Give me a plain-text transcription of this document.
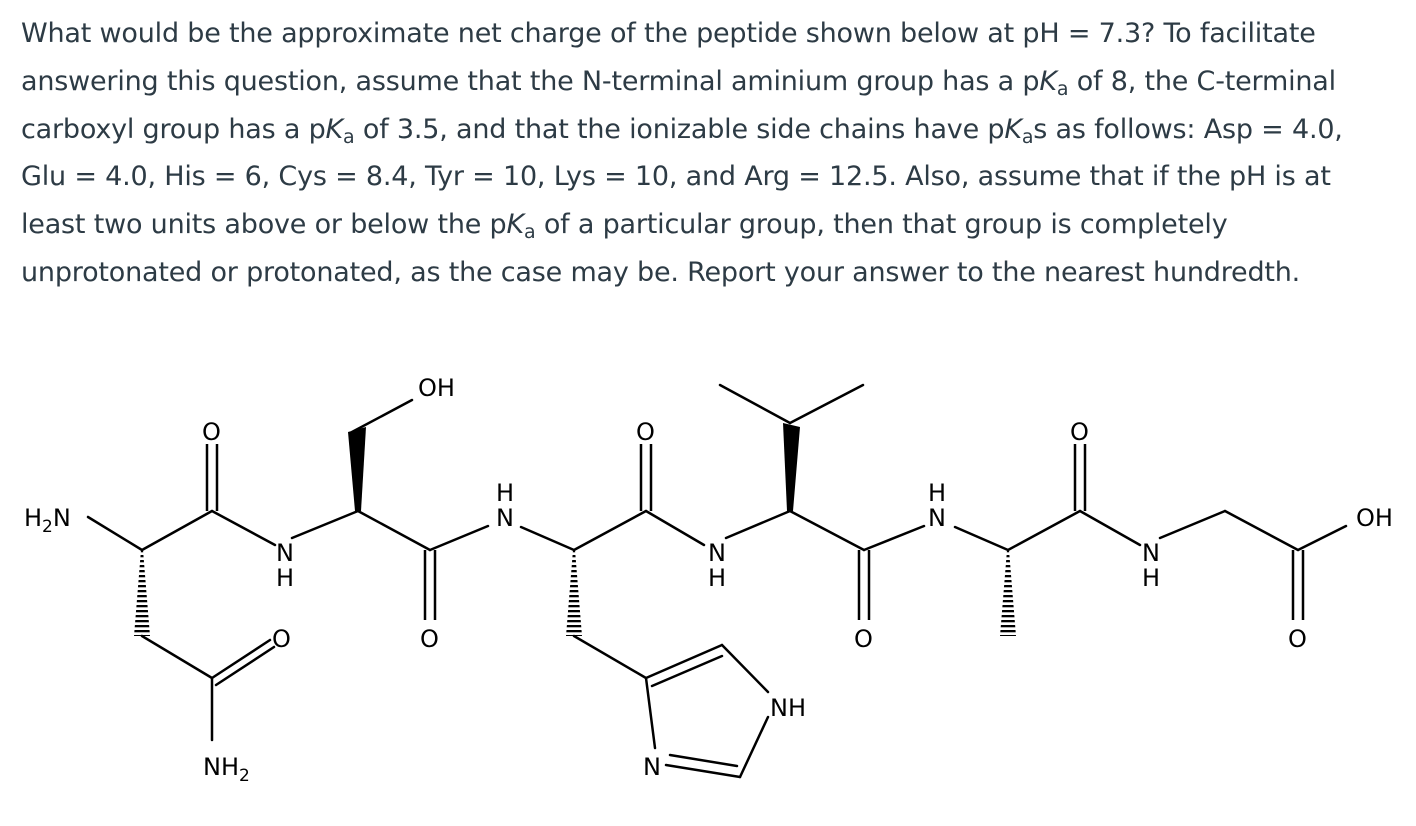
What would be the approximate net charge of the peptide shown below at pH = 7.3? To facilitate
answering this question, assume that the N-terminal aminium group has a $pK_a$ of 8, the C-terminal
carboxyl group has a $pK_a$ of 3.5, and that the ionizable side chains have $pK_as$ as follows: Asp = 4.0,
Glu = 4.0, His = 6, Cys = 8.4, Tyr = 10, Lys = 10, and Arg = 12.5. Also, assume that if the pH is at
least two units above or below the $pK_a$ of a particular group, then that group is completely
unprotonated or protonated, as the case may be. Report your answer to the nearest hundredth.
$H_2N$
$NH_2$
OH
OH
O	O	O
O	O	O
O
N
H
H
N
N
H
H
N
N
H
NH
N
